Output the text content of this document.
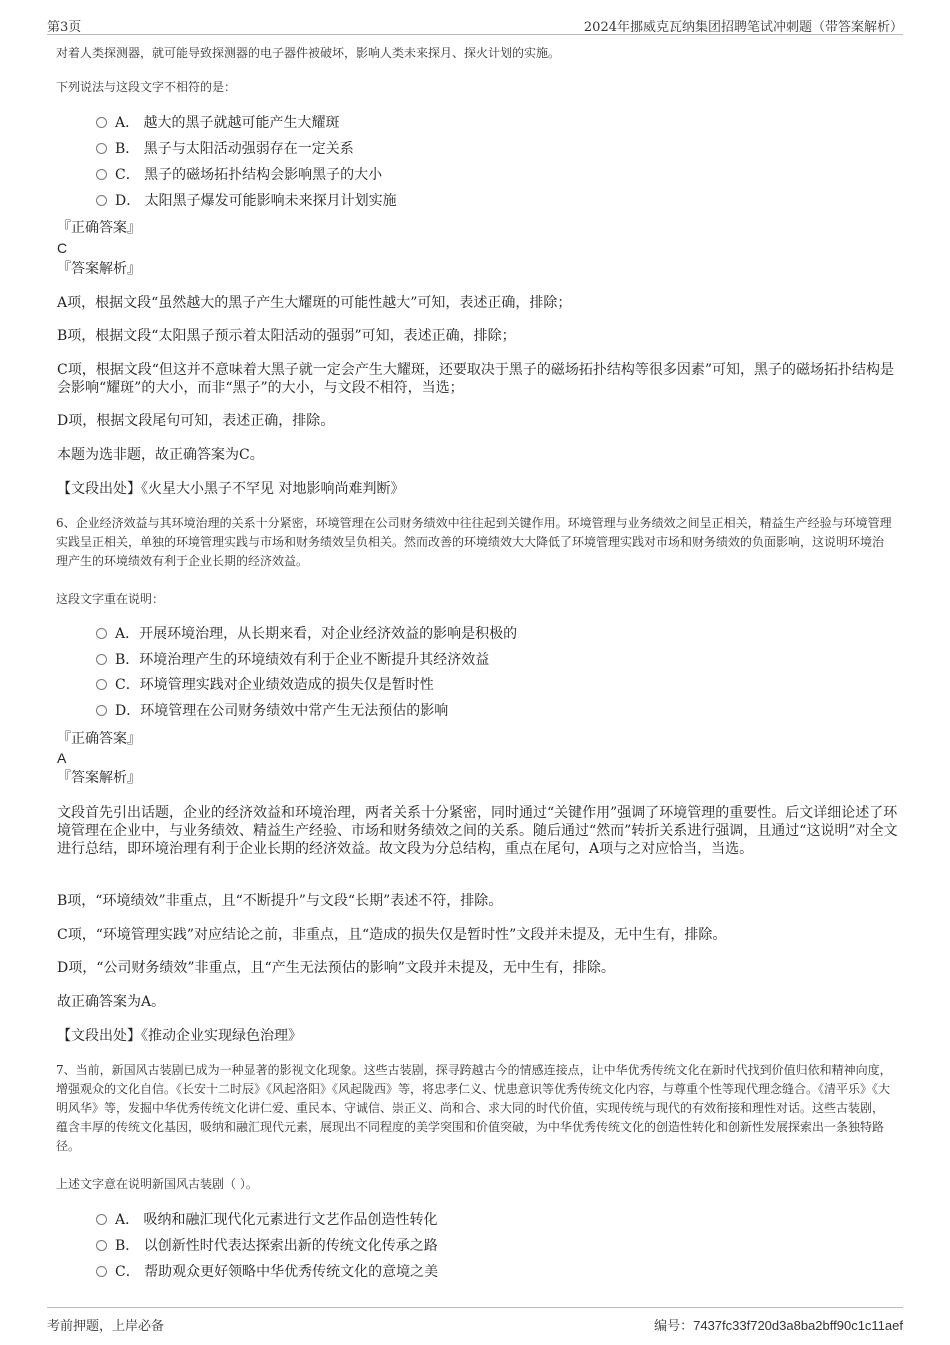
第3页	2024年挪威克瓦纳集团招聘笔试冲刺题（带答案解析）

对着人类探测器，就可能导致探测器的电子器件被破坏，影响人类未来探月、探火计划的实施。

下列说法与这段文字不相符的是：

A． 越大的黑子就越可能产生大耀斑
B． 黑子与太阳活动强弱存在一定关系
C． 黑子的磁场拓扑结构会影响黑子的大小
D． 太阳黑子爆发可能影响未来探月计划实施

『正确答案』

C

『答案解析』

A项，根据文段“虽然越大的黑子产生大耀斑的可能性越大”可知，表述正确，排除；

B项，根据文段“太阳黑子预示着太阳活动的强弱”可知，表述正确，排除；

C项，根据文段“但这并不意味着大黑子就一定会产生大耀斑，还要取决于黑子的磁场拓扑结构等很多因素”可知，黑子的磁场拓扑结构是会影响“耀斑”的大小，而非“黑子”的大小，与文段不相符，当选；

D项，根据文段尾句可知，表述正确，排除。

本题为选非题，故正确答案为C。

【文段出处】《火星大小黑子不罕见 对地影响尚难判断》

6、企业经济效益与其环境治理的关系十分紧密，环境管理在公司财务绩效中往往起到关键作用。环境管理与业务绩效之间呈正相关，精益生产经验与环境管理实践呈正相关，单独的环境管理实践与市场和财务绩效呈负相关。然而改善的环境绩效大大降低了环境管理实践对市场和财务绩效的负面影响，这说明环境治理产生的环境绩效有利于企业长期的经济效益。

这段文字重在说明：

A．开展环境治理，从长期来看，对企业经济效益的影响是积极的
B．环境治理产生的环境绩效有利于企业不断提升其经济效益
C．环境管理实践对企业绩效造成的损失仅是暂时性
D．环境管理在公司财务绩效中常产生无法预估的影响

『正确答案』

A

『答案解析』

文段首先引出话题，企业的经济效益和环境治理，两者关系十分紧密，同时通过“关键作用”强调了环境管理的重要性。后文详细论述了环境管理在企业中，与业务绩效、精益生产经验、市场和财务绩效之间的关系。随后通过“然而”转折关系进行强调，且通过“这说明”对全文进行总结，即环境治理有利于企业长期的经济效益。故文段为分总结构，重点在尾句，A项与之对应恰当，当选。

B项，“环境绩效”非重点，且“不断提升”与文段“长期”表述不符，排除。

C项，“环境管理实践”对应结论之前，非重点，且“造成的损失仅是暂时性”文段并未提及，无中生有，排除。

D项，“公司财务绩效”非重点，且“产生无法预估的影响”文段并未提及，无中生有，排除。

故正确答案为A。

【文段出处】《推动企业实现绿色治理》

7、当前，新国风古装剧已成为一种显著的影视文化现象。这些古装剧，探寻跨越古今的情感连接点，让中华优秀传统文化在新时代找到价值归依和精神向度，增强观众的文化自信。《长安十二时辰》《风起洛阳》《风起陇西》等，将忠孝仁义、忧患意识等优秀传统文化内容，与尊重个性等现代理念缝合。《清平乐》《大明风华》等，发掘中华优秀传统文化讲仁爱、重民本、守诚信、崇正义、尚和合、求大同的时代价值，实现传统与现代的有效衔接和理性对话。这些古装剧，蕴含丰厚的传统文化基因，吸纳和融汇现代元素，展现出不同程度的美学突围和价值突破，为中华优秀传统文化的创造性转化和创新性发展探索出一条独特路径。

上述文字意在说明新国风古装剧（ ）。

A． 吸纳和融汇现代化元素进行文艺作品创造性转化
B． 以创新性时代表达探索出新的传统文化传承之路
C． 帮助观众更好领略中华优秀传统文化的意境之美
考前押题，上岸必备	编号：7437fc33f720d3a8ba2bff90c1c11aef
